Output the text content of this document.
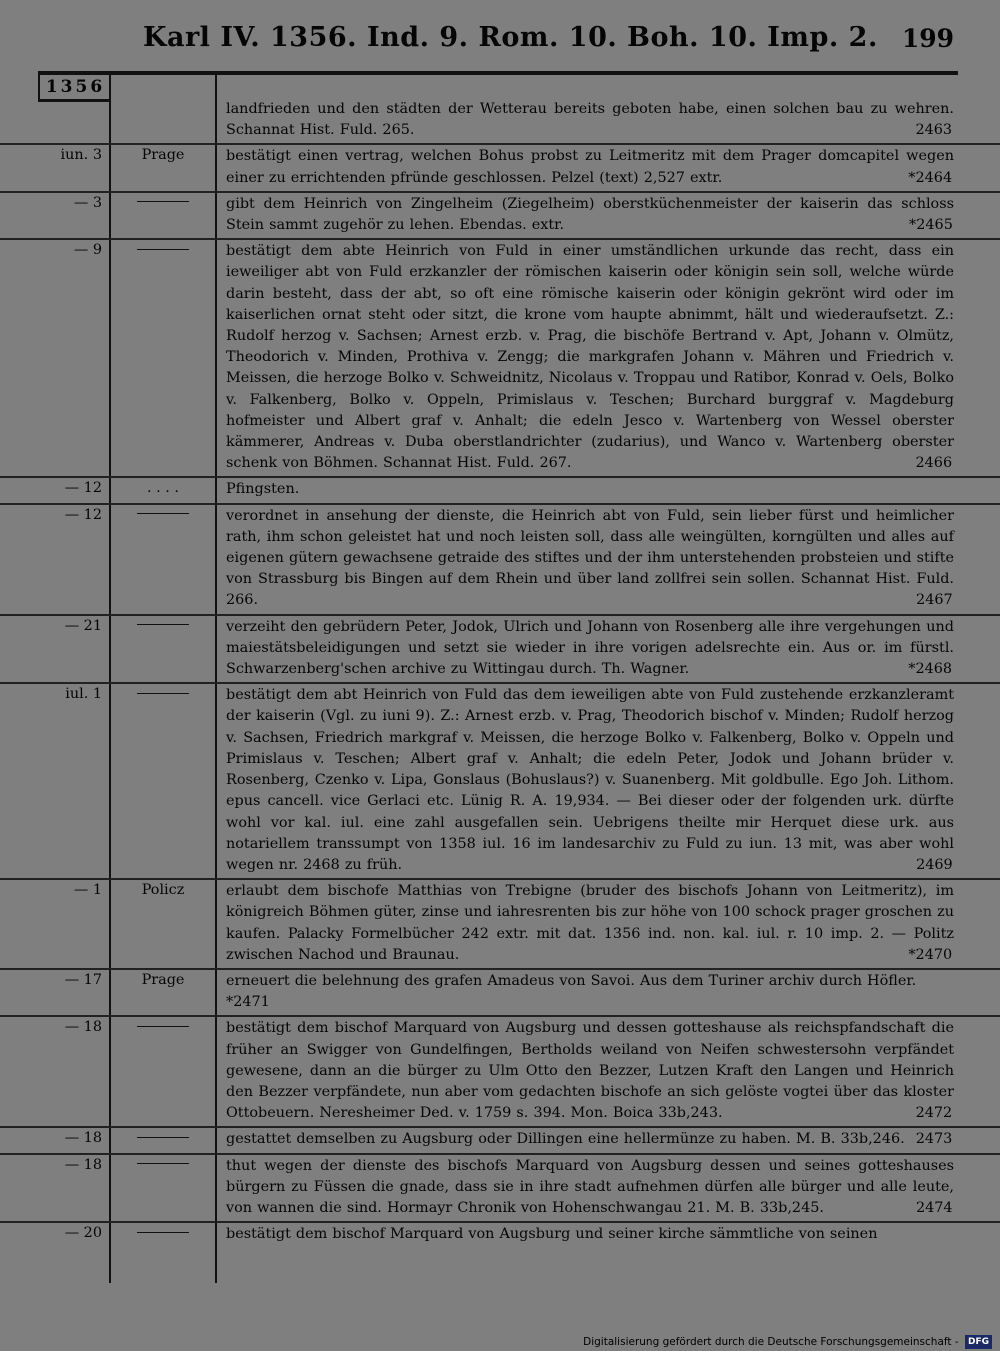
Karl IV. 1356. Ind. 9. Rom. 10. Boh. 10. Imp. 2. 199
1356
landfrieden und den städten der Wetterau bereits geboten habe, einen solchen bau zu wehren. Schannat Hist. Fuld. 265.	2463
iun. 3	Prage	bestätigt einen vertrag, welchen Bohus probst zu Leitmeritz mit dem Prager domcapitel wegen einer zu errichtenden pfründe geschlossen. Pelzel (text) 2,527 extr.	*2464
— 3	gibt dem Heinrich von Zingelheim (Ziegelheim) oberstküchenmeister der kaiserin das schloss Stein sammt zugehör zu lehen. Ebendas. extr.	*2465
— 9	bestätigt dem abte Heinrich von Fuld in einer umständlichen urkunde das recht, dass ein ieweiliger abt von Fuld erzkanzler der römischen kaiserin oder königin sein soll, welche würde darin besteht, dass der abt, so oft eine römische kaiserin oder königin gekrönt wird oder im kaiserlichen ornat steht oder sitzt, die krone vom haupte abnimmt, hält und wiederaufsetzt. Z.: Rudolf herzog v. Sachsen; Arnest erzb. v. Prag, die bischöfe Bertrand v. Apt, Johann v. Olmütz, Theodorich v. Minden, Prothiva v. Zengg; die markgrafen Johann v. Mähren und Friedrich v. Meissen, die herzoge Bolko v. Schweidnitz, Nicolaus v. Troppau und Ratibor, Konrad v. Oels, Bolko v. Falkenberg, Bolko v. Oppeln, Primislaus v. Teschen; Burchard burggraf v. Magdeburg hofmeister und Albert graf v. Anhalt; die edeln Jesco v. Wartenberg von Wessel oberster kämmerer, Andreas v. Duba oberstlandrichter (zudarius), und Wanco v. Wartenberg oberster schenk von Böhmen. Schannat Hist. Fuld. 267.	2466
— 12	. . . .	Pfingsten.
— 12	verordnet in ansehung der dienste, die Heinrich abt von Fuld, sein lieber fürst und heimlicher rath, ihm schon geleistet hat und noch leisten soll, dass alle weingülten, korngülten und alles auf eigenen gütern gewachsene getraide des stiftes und der ihm unterstehenden probsteien und stifte von Strassburg bis Bingen auf dem Rhein und über land zollfrei sein sollen. Schannat Hist. Fuld. 266.	2467
— 21	verzeiht den gebrüdern Peter, Jodok, Ulrich und Johann von Rosenberg alle ihre vergehungen und maiestätsbeleidigungen und setzt sie wieder in ihre vorigen adelsrechte ein. Aus or. im fürstl. Schwarzenberg'schen archive zu Wittingau durch. Th. Wagner.	*2468
iul. 1	bestätigt dem abt Heinrich von Fuld das dem ieweiligen abte von Fuld zustehende erzkanzleramt der kaiserin (Vgl. zu iuni 9). Z.: Arnest erzb. v. Prag, Theodorich bischof v. Minden; Rudolf herzog v. Sachsen, Friedrich markgraf v. Meissen, die herzoge Bolko v. Falkenberg, Bolko v. Oppeln und Primislaus v. Teschen; Albert graf v. Anhalt; die edeln Peter, Jodok und Johann brüder v. Rosenberg, Czenko v. Lipa, Gonslaus (Bohuslaus?) v. Suanenberg. Mit goldbulle. Ego Joh. Lithom. epus cancell. vice Gerlaci etc. Lünig R. A. 19,934. — Bei dieser oder der folgenden urk. dürfte wohl vor kal. iul. eine zahl ausgefallen sein. Uebrigens theilte mir Herquet diese urk. aus notariellem transsumpt von 1358 iul. 16 im landesarchiv zu Fuld zu iun. 13 mit, was aber wohl wegen nr. 2468 zu früh.	2469
— 1	Policz	erlaubt dem bischofe Matthias von Trebigne (bruder des bischofs Johann von Leitmeritz), im königreich Böhmen güter, zinse und iahresrenten bis zur höhe von 100 schock prager groschen zu kaufen. Palacky Formelbücher 242 extr. mit dat. 1356 ind. non. kal. iul. r. 10 imp. 2. — Politz zwischen Nachod und Braunau.	*2470
— 17	Prage	erneuert die belehnung des grafen Amadeus von Savoi. Aus dem Turiner archiv durch Höfler.
*2471
— 18	bestätigt dem bischof Marquard von Augsburg und dessen gotteshause als reichspfandschaft die früher an Swigger von Gundelfingen, Bertholds weiland von Neifen schwestersohn verpfändet gewesene, dann an die bürger zu Ulm Otto den Bezzer, Lutzen Kraft den Langen und Heinrich den Bezzer verpfändete, nun aber vom gedachten bischofe an sich gelöste vogtei über das kloster Ottobeuern. Neresheimer Ded. v. 1759 s. 394. Mon. Boica 33b,243.	2472
— 18	gestattet demselben zu Augsburg oder Dillingen eine hellermünze zu haben. M. B. 33b,246. 2473
— 18	thut wegen der dienste des bischofs Marquard von Augsburg dessen und seines gotteshauses bürgern zu Füssen die gnade, dass sie in ihre stadt aufnehmen dürfen alle bürger und alle leute, von wannen die sind. Hormayr Chronik von Hohenschwangau 21. M. B. 33b,245.	2474
— 20	bestätigt dem bischof Marquard von Augsburg und seiner kirche sämmtliche von seinen
Digitalisierung gefördert durch die Deutsche Forschungsgemeinschaft - DFG
